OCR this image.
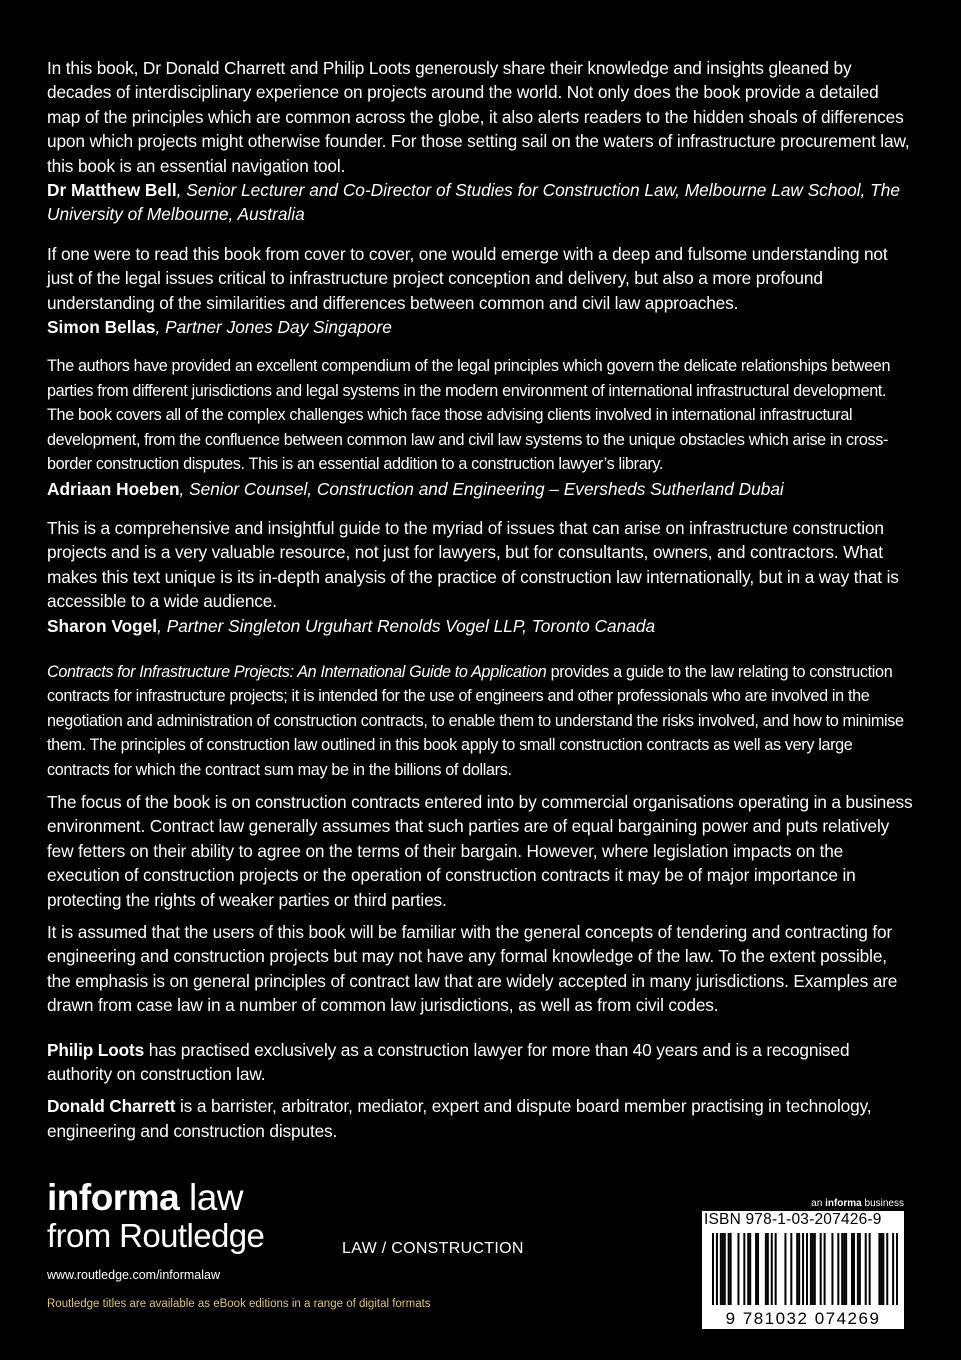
In this book, Dr Donald Charrett and Philip Loots generously share their knowledge and insights gleaned by decades of interdisciplinary experience on projects around the world. Not only does the book provide a detailed map of the principles which are common across the globe, it also alerts readers to the hidden shoals of differences upon which projects might otherwise founder. For those setting sail on the waters of infrastructure procurement law, this book is an essential navigation tool.

Dr Matthew Bell, Senior Lecturer and Co-Director of Studies for Construction Law, Melbourne Law School, The University of Melbourne, Australia

If one were to read this book from cover to cover, one would emerge with a deep and fulsome understanding not just of the legal issues critical to infrastructure project conception and delivery, but also a more profound understanding of the similarities and differences between common and civil law approaches.

Simon Bellas, Partner Jones Day Singapore

The authors have provided an excellent compendium of the legal principles which govern the delicate relationships between parties from different jurisdictions and legal systems in the modern environment of international infrastructural development. The book covers all of the complex challenges which face those advising clients involved in international infrastructural development, from the confluence between common law and civil law systems to the unique obstacles which arise in cross-border construction disputes. This is an essential addition to a construction lawyer’s library.

Adriaan Hoeben, Senior Counsel, Construction and Engineering – Eversheds Sutherland Dubai

This is a comprehensive and insightful guide to the myriad of issues that can arise on infrastructure construction projects and is a very valuable resource, not just for lawyers, but for consultants, owners, and contractors. What makes this text unique is its in-depth analysis of the practice of construction law internationally, but in a way that is accessible to a wide audience.

Sharon Vogel, Partner Singleton Urguhart Renolds Vogel LLP, Toronto Canada

Contracts for Infrastructure Projects: An International Guide to Application provides a guide to the law relating to construction contracts for infrastructure projects; it is intended for the use of engineers and other professionals who are involved in the negotiation and administration of construction contracts, to enable them to understand the risks involved, and how to minimise them. The principles of construction law outlined in this book apply to small construction contracts as well as very large contracts for which the contract sum may be in the billions of dollars.

The focus of the book is on construction contracts entered into by commercial organisations operating in a business environment. Contract law generally assumes that such parties are of equal bargaining power and puts relatively few fetters on their ability to agree on the terms of their bargain. However, where legislation impacts on the execution of construction projects or the operation of construction contracts it may be of major importance in protecting the rights of weaker parties or third parties.

It is assumed that the users of this book will be familiar with the general concepts of tendering and contracting for engineering and construction projects but may not have any formal knowledge of the law. To the extent possible, the emphasis is on general principles of contract law that are widely accepted in many jurisdictions. Examples are drawn from case law in a number of common law jurisdictions, as well as from civil codes.

Philip Loots has practised exclusively as a construction lawyer for more than 40 years and is a recognised authority on construction law.

Donald Charrett is a barrister, arbitrator, mediator, expert and dispute board member practising in technology, engineering and construction disputes.

informa law
from Routledge
www.routledge.com/informalaw
Routledge titles are available as eBook editions in a range of digital formats
LAW / CONSTRUCTION
an informa business
ISBN 978-1-03-207426-9
9 781032 074269
